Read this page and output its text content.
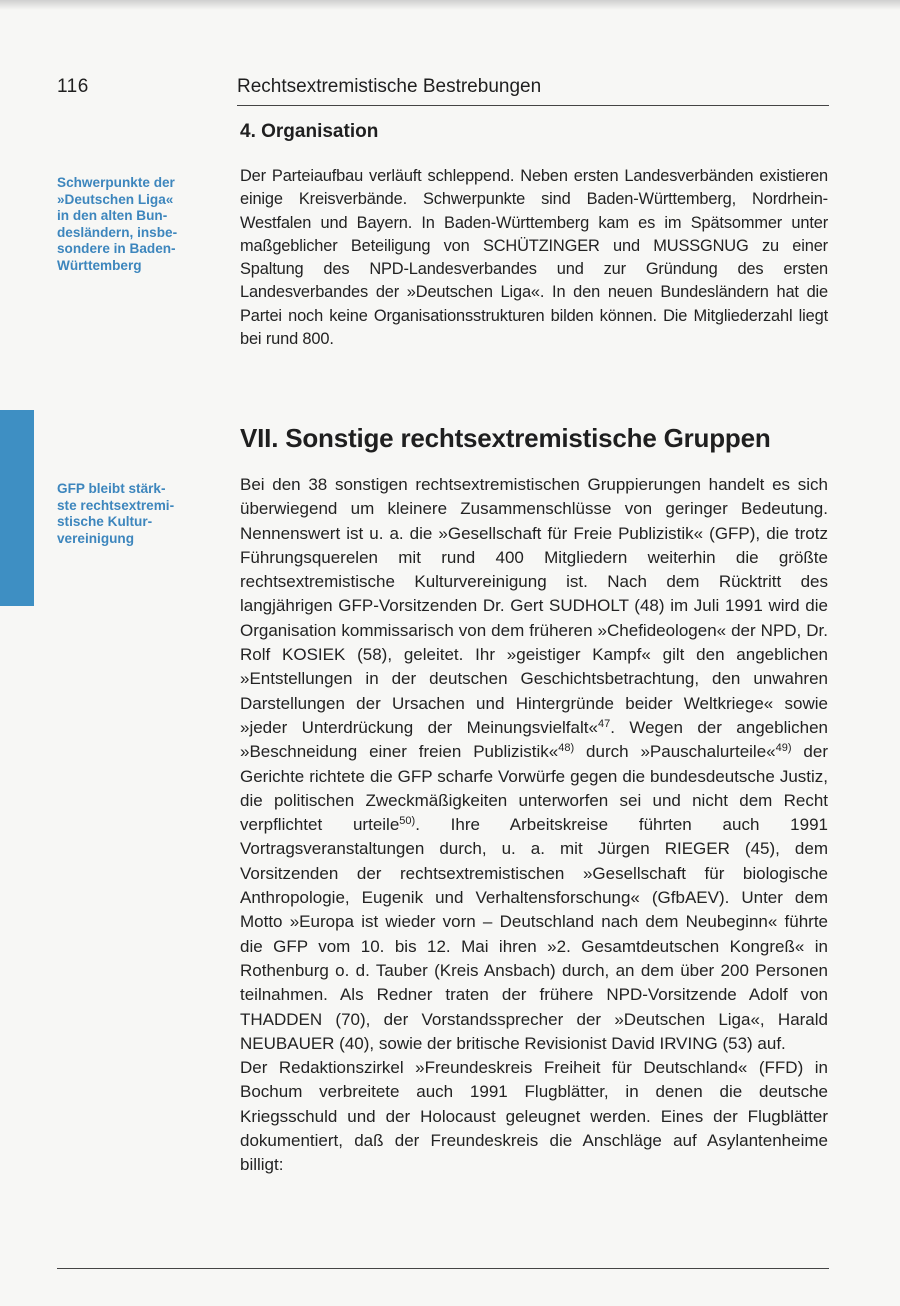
116	Rechtsextremistische Bestrebungen
Schwerpunkte der
»Deutschen Liga«
in den alten Bun-
desländern, insbe-
sondere in Baden-
Württemberg
GFP bleibt stärk-
ste rechtsextremi-
stische Kultur-
vereinigung
4. Organisation
Der Parteiaufbau verläuft schleppend. Neben ersten Landesverbänden existieren einige Kreisverbände. Schwerpunkte sind Baden-Württemberg, Nordrhein-Westfalen und Bayern. In Baden-Württemberg kam es im Spätsommer unter maßgeblicher Beteiligung von SCHÜTZINGER und MUSSGNUG zu einer Spaltung des NPD-Landesverbandes und zur Gründung des ersten Landesverbandes der »Deutschen Liga«. In den neuen Bundesländern hat die Partei noch keine Organisationsstrukturen bilden können. Die Mitgliederzahl liegt bei rund 800.
VII. Sonstige rechtsextremistische Gruppen

Bei den 38 sonstigen rechtsextremistischen Gruppierungen handelt es sich überwiegend um kleinere Zusammenschlüsse von geringer Bedeutung. Nennenswert ist u. a. die »Gesellschaft für Freie Publizistik« (GFP), die trotz Führungsquerelen mit rund 400 Mitgliedern weiterhin die größte rechtsextremistische Kulturvereinigung ist. Nach dem Rücktritt des langjährigen GFP-Vorsitzenden Dr. Gert SUDHOLT (48) im Juli 1991 wird die Organisation kommissarisch von dem früheren »Chefideologen« der NPD, Dr. Rolf KOSIEK (58), geleitet. Ihr »geistiger Kampf« gilt den angeblichen »Entstellungen in der deutschen Geschichtsbetrachtung, den unwahren Darstellungen der Ursachen und Hintergründe beider Weltkriege« sowie »jeder Unterdrückung der Meinungsvielfalt«$^{47}$. Wegen der angeblichen »Beschneidung einer freien Publizistik«$^{48)}$ durch »Pauschalurteile«$^{49)}$ der Gerichte richtete die GFP scharfe Vorwürfe gegen die bundesdeutsche Justiz, die politischen Zweckmäßigkeiten unterworfen sei und nicht dem Recht verpflichtet urteile$^{50)}$. Ihre Arbeitskreise führten auch 1991 Vortragsveranstaltungen durch, u. a. mit Jürgen RIEGER (45), dem Vorsitzenden der rechtsextremistischen »Gesellschaft für biologische Anthropologie, Eugenik und Verhaltensforschung« (GfbAEV). Unter dem Motto »Europa ist wieder vorn – Deutschland nach dem Neubeginn« führte die GFP vom 10. bis 12. Mai ihren »2. Gesamtdeutschen Kongreß« in Rothenburg o. d. Tauber (Kreis Ansbach) durch, an dem über 200 Personen teilnahmen. Als Redner traten der frühere NPD-Vorsitzende Adolf von THADDEN (70), der Vorstandssprecher der »Deutschen Liga«, Harald NEUBAUER (40), sowie der britische Revisionist David IRVING (53) auf.

Der Redaktionszirkel »Freundeskreis Freiheit für Deutschland« (FFD) in Bochum verbreitete auch 1991 Flugblätter, in denen die deutsche Kriegsschuld und der Holocaust geleugnet werden. Eines der Flugblätter dokumentiert, daß der Freundeskreis die Anschläge auf Asylantenheime billigt:
